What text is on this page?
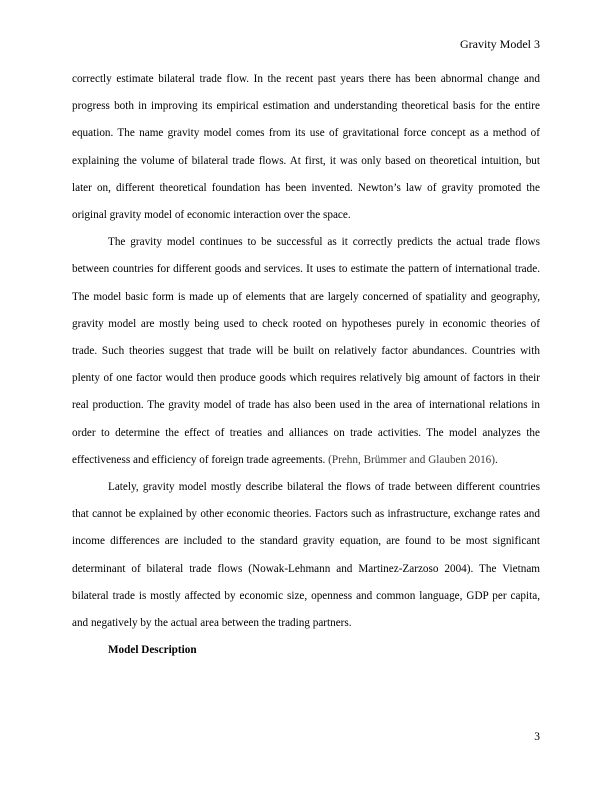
Gravity Model 3

correctly estimate bilateral trade flow. In the recent past years there has been abnormal change and progress both in improving its empirical estimation and understanding theoretical basis for the entire equation. The name gravity model comes from its use of gravitational force concept as a method of explaining the volume of bilateral trade flows. At first, it was only based on theoretical intuition, but later on, different theoretical foundation has been invented. Newton’s law of gravity promoted the original gravity model of economic interaction over the space.

The gravity model continues to be successful as it correctly predicts the actual trade flows between countries for different goods and services. It uses to estimate the pattern of international trade. The model basic form is made up of elements that are largely concerned of spatiality and geography, gravity model are mostly being used to check rooted on hypotheses purely in economic theories of trade. Such theories suggest that trade will be built on relatively factor abundances. Countries with plenty of one factor would then produce goods which requires relatively big amount of factors in their real production. The gravity model of trade has also been used in the area of international relations in order to determine the effect of treaties and alliances on trade activities. The model analyzes the effectiveness and efficiency of foreign trade agreements. (Prehn, Brümmer and Glauben 2016).

Lately, gravity model mostly describe bilateral the flows of trade between different countries that cannot be explained by other economic theories. Factors such as infrastructure, exchange rates and income differences are included to the standard gravity equation, are found to be most significant determinant of bilateral trade flows (Nowak-Lehmann and Martinez-Zarzoso 2004). The Vietnam bilateral trade is mostly affected by economic size, openness and common language, GDP per capita, and negatively by the actual area between the trading partners.

Model Description

3
